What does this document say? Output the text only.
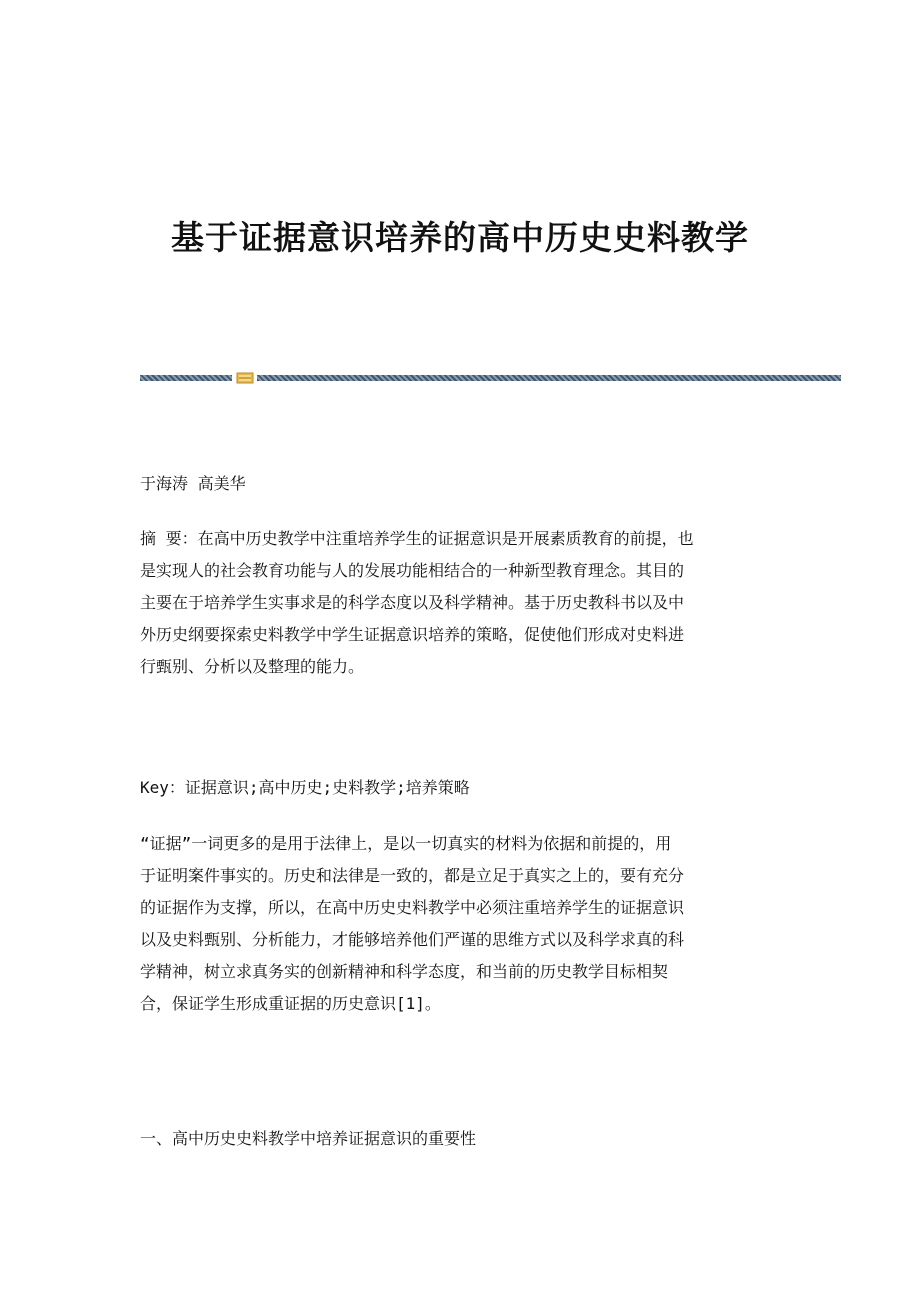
基于证据意识培养的高中历史史料教学
于海涛 高美华
摘 要：在高中历史教学中注重培养学生的证据意识是开展素质教育的前提，也
是实现人的社会教育功能与人的发展功能相结合的一种新型教育理念。其目的
主要在于培养学生实事求是的科学态度以及科学精神。基于历史教科书以及中
外历史纲要探索史料教学中学生证据意识培养的策略，促使他们形成对史料进
行甄别、分析以及整理的能力。
Key：证据意识;高中历史;史料教学;培养策略
“证据”一词更多的是用于法律上，是以一切真实的材料为依据和前提的，用
于证明案件事实的。历史和法律是一致的，都是立足于真实之上的，要有充分
的证据作为支撑，所以，在高中历史史料教学中必须注重培养学生的证据意识
以及史料甄别、分析能力，才能够培养他们严谨的思维方式以及科学求真的科
学精神，树立求真务实的创新精神和科学态度，和当前的历史教学目标相契
合，保证学生形成重证据的历史意识[1]。
一、高中历史史料教学中培养证据意识的重要性
